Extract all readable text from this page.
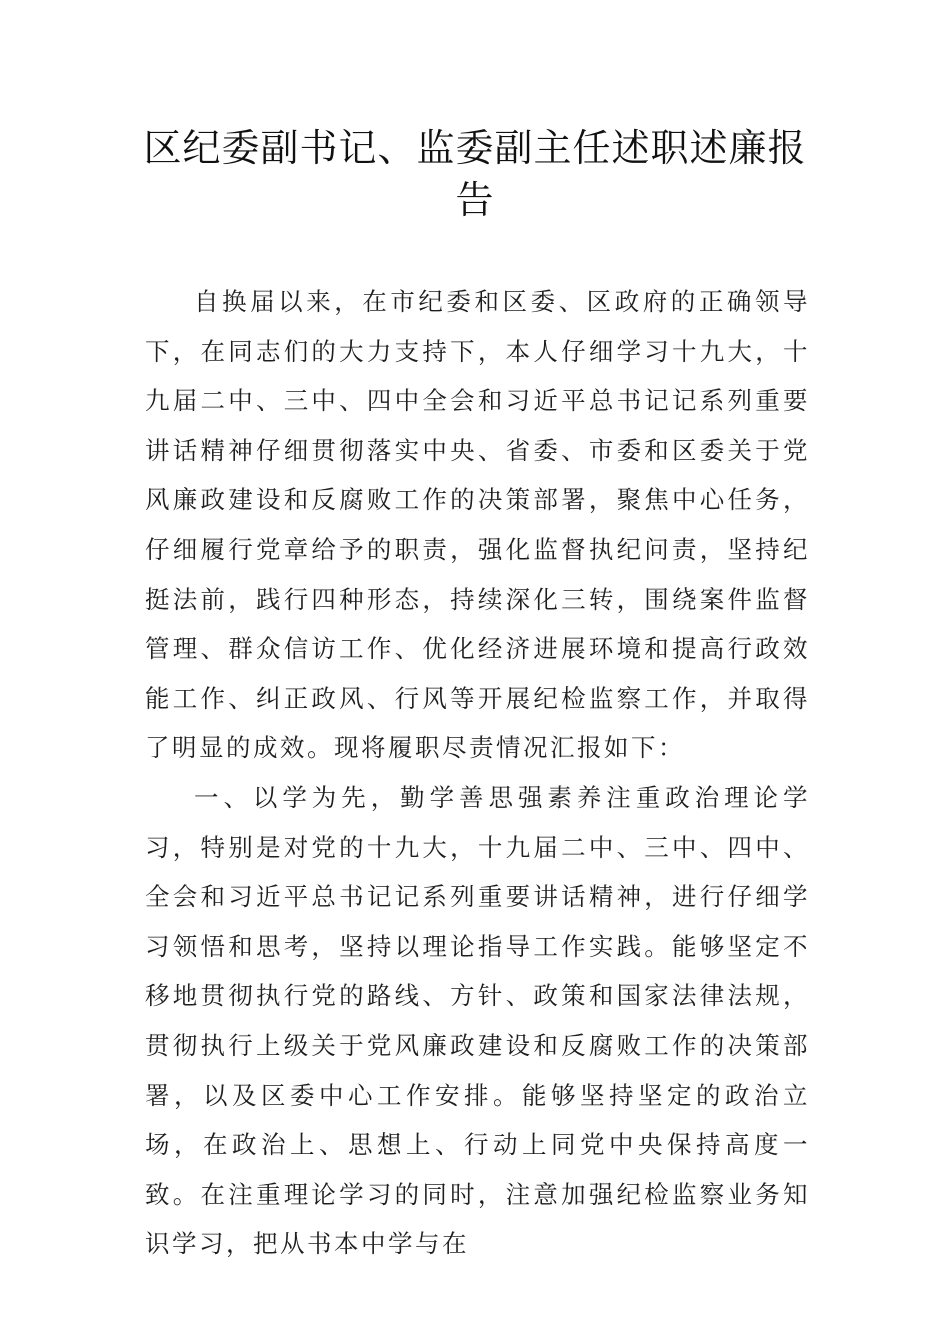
区纪委副书记、监委副主任述职述廉报告

自换届以来，在市纪委和区委、区政府的正确领导下，在同志们的大力支持下，本人仔细学习十九大，十九届二中、三中、四中全会和习近平总书记记系列重要讲话精神仔细贯彻落实中央、省委、市委和区委关于党风廉政建设和反腐败工作的决策部署，聚焦中心任务，仔细履行党章给予的职责，强化监督执纪问责，坚持纪挺法前，践行四种形态，持续深化三转，围绕案件监督管理、群众信访工作、优化经济进展环境和提高行政效能工作、纠正政风、行风等开展纪检监察工作，并取得了明显的成效。现将履职尽责情况汇报如下：

一、以学为先，勤学善思强素养注重政治理论学习，特别是对党的十九大，十九届二中、三中、四中、全会和习近平总书记记系列重要讲话精神，进行仔细学习领悟和思考，坚持以理论指导工作实践。能够坚定不移地贯彻执行党的路线、方针、政策和国家法律法规，贯彻执行上级关于党风廉政建设和反腐败工作的决策部署，以及区委中心工作安排。能够坚持坚定的政治立场，在政治上、思想上、行动上同党中央保持高度一致。在注重理论学习的同时，注意加强纪检监察业务知识学习，把从书本中学与在
